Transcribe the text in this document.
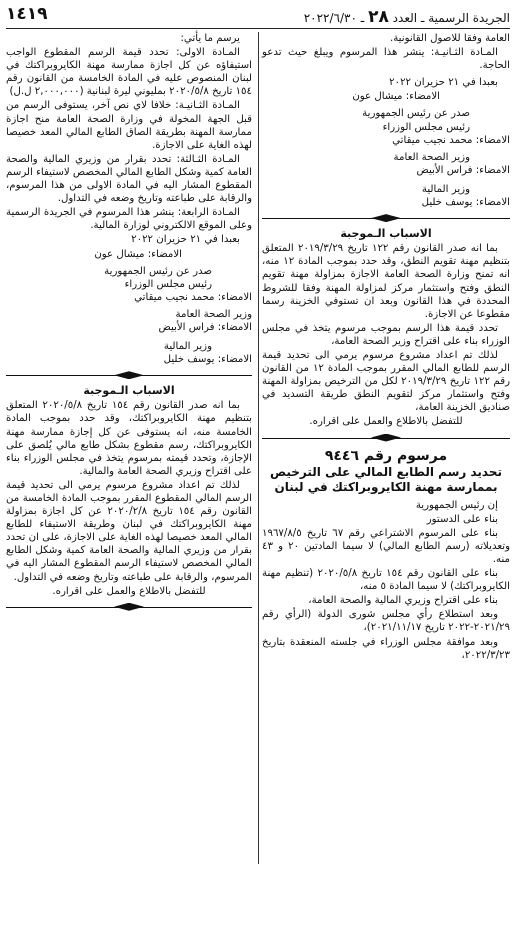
١٤١٩	الجريدة الرسمية ـ العدد ٢٨ ـ ٢٠٢٢/٦/٣٠

العامة وفقا للاصول القانونية.

المـادة الثـانيـة: ينشر هذا المرسوم ويبلغ حيث تدعو الحاجة.

بعبدا في ٢١ حزيران ٢٠٢٢

الامضاء: ميشال عون

صدر عن رئيس الجمهورية

رئيس مجلس الوزراء

الامضاء: محمد نجيب ميقاتي

وزير الصحة العامة

الامضاء: فراس الأبيض

وزير المالية

الامضاء: يوسف خليل

الاسباب الـموجبة

بما انه صدر القانون رقم ١٢٢ تاريخ ٢٠١٩/٣/٢٩ المتعلق بتنظيم مهنة تقويم النطق، وقد حدد بموجب المادة ١٢ منه، انه تمنح وزارة الصحة العامة الاجازة بمزاولة مهنة تقويم النطق وفتح واستثمار مركز لمزاولة المهنة وفقا للشروط المحددة في هذا القانون وبعد ان تستوفي الخزينة رسما مقطوعا عن الاجازة.

تحدد قيمة هذا الرسم بموجب مرسوم يتخذ في مجلس الوزراء بناء على اقتراح وزير الصحة العامة،

لذلك تم اعداد مشروع مرسوم يرمي الى تحديد قيمة الرسم للطابع المالي المقرر بموجب المادة ١٢ من القانون رقم ١٢٢ تاريخ ٢٠١٩/٣/٢٩ لكل من الترخيص بمزاولة المهنة وفتح واستثمار مركز لتقويم النطق طريقة التسديد في صناديق الخزينة العامة،

للتفضل بالاطلاع والعمل على اقراره.

مرسوم رقم ٩٤٤٦
تحديد رسم الطابع المالي على الترخيص بممارسة مهنة الكايروبراكتك في لبنان

إن رئيس الجمهورية

بناء على الدستور

بناء على المرسوم الاشتراعي رقم ٦٧ تاريخ ١٩٦٧/٨/٥ وتعديلاته (رسم الطابع المالي) لا سيما المادتين ٢٠ و ٤٣ منه.

بناء على القانون رقم ١٥٤ تاريخ ٢٠٢٠/٥/٨ (تنظيم مهنة الكايروبراكتك) لا سيما المادة ٥ منه،

بناء على اقتراح وزيري المالية والصحة العامة،

وبعد استطلاع رأي مجلس شورى الدولة (الرأي رقم ٢٠٢١/٢٩-٢٠٢٢ تاريخ ٢٠٢١/١١/١٧)،

وبعد موافقة مجلس الوزراء في جلسته المنعقدة بتاريخ ٢٠٢٢/٣/٢٣،

يرسم ما يأتي:

المـادة الاولى: تحدد قيمة الرسم المقطوع الواجب استيفاؤه عن كل اجازة ممارسة مهنة الكايروبراكتك في لبنان المنصوص عليه في المادة الخامسة من القانون رقم ١٥٤ تاريخ ٢٠٢٠/٥/٨ بمليوني ليرة لبنانية (٢,٠٠٠,٠٠٠ ل.ل)

المـادة الثـانيـة: خلافا لاي نص آخر، يستوفى الرسم من قبل الجهة المخولة في وزارة الصحة العامة منح اجازة ممارسة المهنة بطريقة الصاق الطابع المالي المعد خصيصا لهذه الغاية على الاجازة.

المـادة الثـالثة: تحدد بقرار من وزيري المالية والصحة العامة كمية وشكل الطابع المالي المخصص لاستيفاء الرسم المقطوع المشار اليه في المادة الاولى من هذا المرسوم، والرقابة على طباعته وتاريخ وضعه في التداول.

المـادة الرابعة: ينشر هذا المرسوم في الجريدة الرسمية وعلى الموقع الالكتروني لوزارة المالية.

بعبدا في ٢١ حزيران ٢٠٢٢

الامضاء: ميشال عون

صدر عن رئيس الجمهورية

رئيس مجلس الوزراء

الامضاء: محمد نجيب ميقاتي

وزير الصحة العامة

الامضاء: فراس الأبيض

وزير المالية

الامضاء: يوسف خليل

الاسباب الـموجبة

بما انه صدر القانون رقم ١٥٤ تاريخ ٢٠٢٠/٥/٨ المتعلق بتنظيم مهنة الكايروبراكتك، وقد حدد بموجب المادة الخامسة منه، انه يستوفى عن كل إجازة ممارسة مهنة الكايروبراكتك، رسم مقطوع بشكل طابع مالي يُلصق على الإجازة، وتحدد قيمته بمرسوم يتخذ في مجلس الوزراء بناء على اقتراح وزيري الصحة العامة والمالية.

لذلك تم اعداد مشروع مرسوم يرمي الى تحديد قيمة الرسم المالي المقطوع المقرر بموجب المادة الخامسة من القانون رقم ١٥٤ تاريخ ٢٠٢٠/٢/٨ عن كل اجازة بمزاولة مهنة الكايروبراكتك في لبنان وطريقة الاستيفاء للطابع المالي المعد خصيصا لهذه الغاية على الاجازة، على ان تحدد بقرار من وزيري المالية والصحة العامة كمية وشكل الطابع المالي المخصص لاستيفاء الرسم المقطوع المشار اليه في المرسوم، والرقابة على طباعته وتاريخ وضعه في التداول.

للتفضل بالاطلاع والعمل على اقراره.
